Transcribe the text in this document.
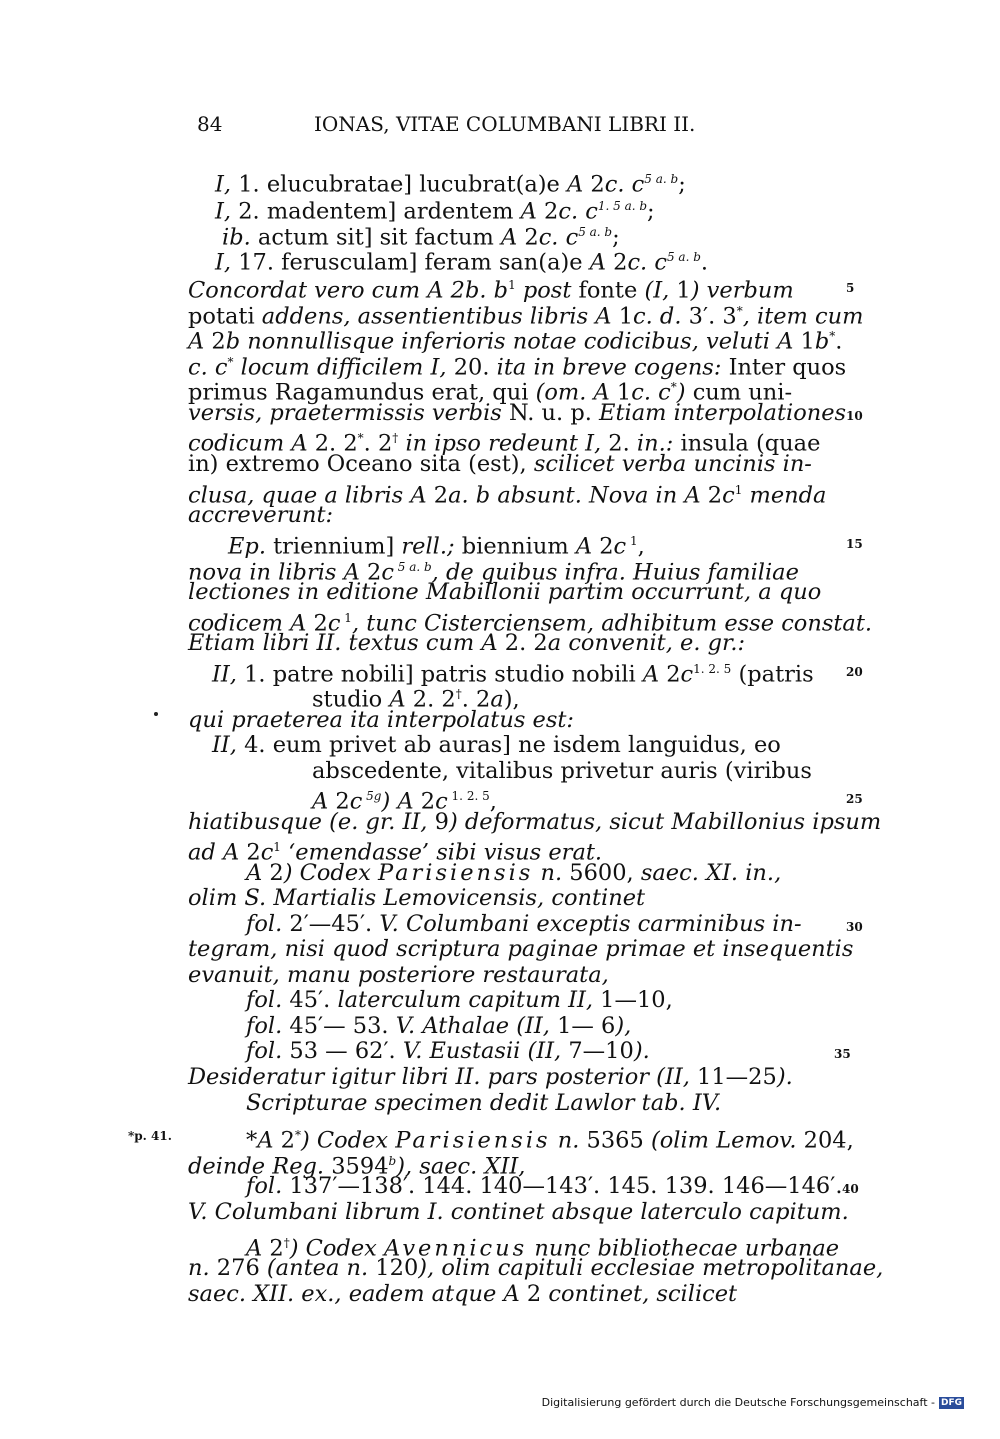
84	IONAS, VITAE COLUMBANI LIBRI II.
I, 1. elucubratae] lucubrat(a)e A 2c. $c^{5 a. b}$;
I, 2. madentem] ardentem A 2c. $c^{1. 5 a. b}$;
ib. actum sit] sit factum A 2c. $c^{5 a. b}$;
I, 17. ferusculam] feram san(a)e A 2c. $c^{5 a. b}$.
Concordat vero cum A 2b. $b^1$ post fonte (I, 1) verbum	5
potati addens, assentientibus libris A 1c. d. 3′. 3*, item cum
A 2b nonnullisque inferioris notae codicibus, veluti A 1b*.
c. c* locum difficilem I, 20. ita in breve cogens: Inter quos
primus Ragamundus erat, qui (om. A 1c. c*) cum uni-
versis, praetermissis verbis N. u. p. Etiam interpolationes 10
codicum A 2. 2*. 2† in ipso redeunt I, 2. in.: insula (quae
in) extremo Oceano sita (est), scilicet verba uncinis in-
clusa, quae a libris A 2a. b absunt. Nova in A $2c^1$ menda
accreverunt:
Ep. triennium] rell.; biennium A 2c $^1$,	15
nova in libris A 2c $^{5 a. b}$, de quibus infra. Huius familiae
lectiones in editione Mabillonii partim occurrunt, a quo
codicem A 2c $^1$, tunc Cisterciensem, adhibitum esse constat.
Etiam libri II. textus cum A 2. 2a convenit, e. gr.:
II, 1. patre nobili] patris studio nobili A $2c^{1. 2. 5}$ (patris	20
studio A 2. 2†. 2a),
qui praeterea ita interpolatus est:
II, 4. eum privet ab auras] ne isdem languidus, eo
abscedente, vitalibus privetur auris (viribus
A 2c $^{5g}$) A 2c $^{1. 2. 5}$,	25
hiatibusque (e. gr. II, 9) deformatus, sicut Mabillonius ipsum
ad A $2c^1$ ‘emendasse’ sibi visus erat.
A 2) Codex Parisiensis n. 5600, saec. XI. in.,
olim S. Martialis Lemovicensis, continet
fol. 2′—45′. V. Columbani exceptis carminibus in-	30
tegram, nisi quod scriptura paginae primae et insequentis
evanuit, manu posteriore restaurata,
fol. 45′. laterculum capitum II, 1—10,
fol. 45′— 53. V. Athalae (II, 1— 6),
fol. 53 — 62′. V. Eustasii (II, 7—10).	35
Desideratur igitur libri II. pars posterior (II, 11—25).
Scripturae specimen dedit Lawlor tab. IV.
*p. 41.	*A 2*) Codex Parisiensis n. 5365 (olim Lemov. 204,
deinde Reg. 3594$^b$), saec. XII,
fol. 137′—138′. 144. 140—143′. 145. 139. 146—146′. 40
V. Columbani librum I. continet absque laterculo capitum.
A 2†) Codex Avennicus nunc bibliothecae urbanae
n. 276 (antea n. 120), olim capituli ecclesiae metropolitanae,
saec. XII. ex., eadem atque A 2 continet, scilicet
Digitalisierung gefördert durch die Deutsche Forschungsgemeinschaft - DFG
